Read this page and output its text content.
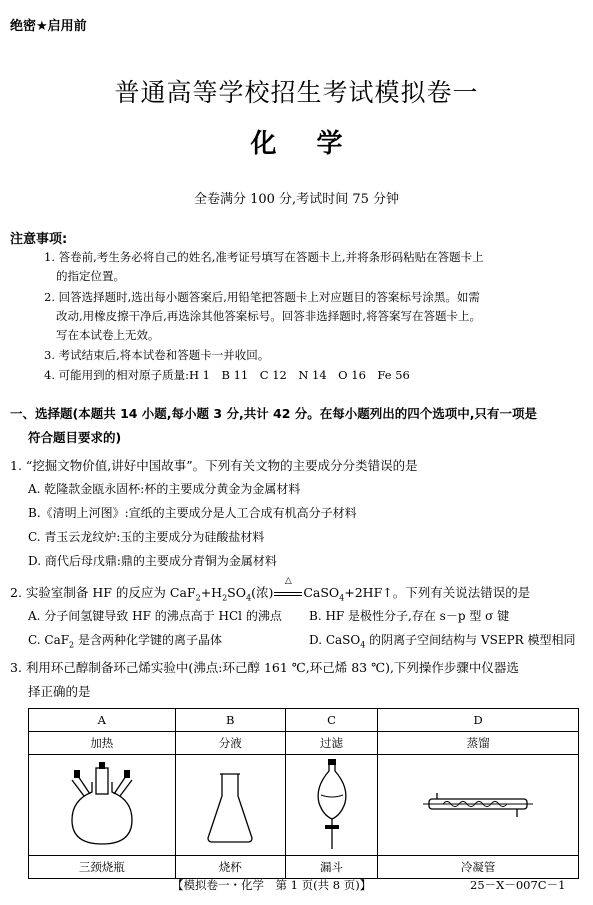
绝密★启用前
普通高等学校招生考试模拟卷一
化学
全卷满分 100 分,考试时间 75 分钟
注意事项:
1. 答卷前,考生务必将自己的姓名,准考证号填写在答题卡上,并将条形码粘贴在答题卡上
的指定位置。
2. 回答选择题时,选出每小题答案后,用铅笔把答题卡上对应题目的答案标号涂黑。如需
改动,用橡皮擦干净后,再选涂其他答案标号。回答非选择题时,将答案写在答题卡上。
写在本试卷上无效。
3. 考试结束后,将本试卷和答题卡一并收回。
4. 可能用到的相对原子质量:H 1　B 11　C 12　N 14　O 16　Fe 56
一、选择题(本题共 14 小题,每小题 3 分,共计 42 分。在每小题列出的四个选项中,只有一项是
符合题目要求的)
1. “挖掘文物价值,讲好中国故事”。下列有关文物的主要成分分类错误的是
A. 乾隆款金瓯永固杯:杯的主要成分黄金为金属材料
B.《清明上河图》:宣纸的主要成分是人工合成有机高分子材料
C. 青玉云龙纹炉:玉的主要成分为硅酸盐材料
D. 商代后母戊鼎:鼎的主要成分青铜为金属材料
2. 实验室制备 HF 的反应为 $CaF_2+H_2SO_4$(浓)
△
CaSO$_4$+2HF↑。下列有关说法错误的是
A. 分子间氢键导致 HF 的沸点高于 HCl 的沸点 B. HF 是极性分子,存在 s－p 型 σ 键
C. CaF$_2$ 是含两种化学键的离子晶体	D. CaSO$_4$ 的阴离子空间结构与 VSEPR 模型相同
3. 利用环己醇制备环己烯实验中(沸点:环己醇 161 ℃,环己烯 83 ℃),下列操作步骤中仪器选
择正确的是
A	B	C	D
加热	分液	过滤	蒸馏

三颈烧瓶	烧杯	漏斗	冷凝管
【模拟卷一・化学　第 1 页(共 8 页)】	25－X－007C－1
